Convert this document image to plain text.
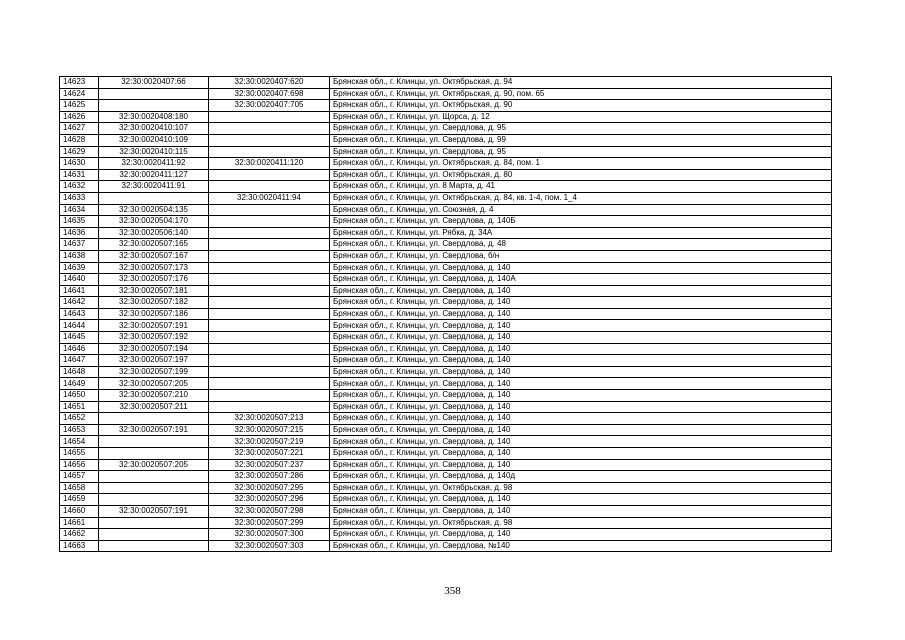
14623	32:30:0020407:66	32:30:0020407:620	Брянская обл., г. Клинцы, ул. Октябрьская, д. 94
14624		32:30:0020407:698	Брянская обл., г. Клинцы, ул. Октябрьская, д. 90, пом. 65
14625		32:30:0020407:705	Брянская обл., г. Клинцы, ул. Октябрьская, д. 90
14626	32:30:0020408:180		Брянская обл., г. Клинцы, ул. Щорса, д. 12
14627	32:30:0020410:107		Брянская обл., г. Клинцы, ул. Свердлова, д. 95
14628	32:30:0020410:109		Брянская обл., г. Клинцы, ул. Свердлова, д. 99
14629	32:30:0020410:115		Брянская обл., г. Клинцы, ул. Свердлова, д. 95
14630	32:30:0020411:92	32:30:0020411:120	Брянская обл., г. Клинцы, ул. Октябрьская, д. 84, пом. 1
14631	32:30:0020411:127		Брянская обл., г. Клинцы, ул. Октябрьская, д. 80
14632	32:30:0020411:91		Брянская обл., г. Клинцы, ул. 8 Марта, д. 41
14633		32:30:0020411:94	Брянская обл., г. Клинцы, ул. Октябрьская, д. 84, кв. 1-4, пом. 1_4
14634	32:30:0020504:135		Брянская обл., г. Клинцы, ул. Союзная, д. 4
14635	32:30:0020504:170		Брянская обл., г. Клинцы, ул. Свердлова, д. 140Б
14636	32:30:0020506:140		Брянская обл., г. Клинцы, ул. Рябка, д. 34А
14637	32:30:0020507:165		Брянская обл., г. Клинцы, ул. Свердлова, д. 48
14638	32:30:0020507:167		Брянская обл., г. Клинцы, ул. Свердлова, б/н
14639	32:30:0020507:173		Брянская обл., г. Клинцы, ул. Свердлова, д. 140
14640	32:30:0020507:176		Брянская обл., г. Клинцы, ул. Свердлова, д. 140А
14641	32:30:0020507:181		Брянская обл., г. Клинцы, ул. Свердлова, д. 140
14642	32:30:0020507:182		Брянская обл., г. Клинцы, ул. Свердлова, д. 140
14643	32:30:0020507:186		Брянская обл., г. Клинцы, ул. Свердлова, д. 140
14644	32:30:0020507:191		Брянская обл., г. Клинцы, ул. Свердлова, д. 140
14645	32:30:0020507:192		Брянская обл., г. Клинцы, ул. Свердлова, д. 140
14646	32:30:0020507:194		Брянская обл., г. Клинцы, ул. Свердлова, д. 140
14647	32:30:0020507:197		Брянская обл., г. Клинцы, ул. Свердлова, д. 140
14648	32:30:0020507:199		Брянская обл., г. Клинцы, ул. Свердлова, д. 140
14649	32:30:0020507:205		Брянская обл., г. Клинцы, ул. Свердлова, д. 140
14650	32:30:0020507:210		Брянская обл., г. Клинцы, ул. Свердлова, д. 140
14651	32:30:0020507:211		Брянская обл., г. Клинцы, ул. Свердлова, д. 140
14652		32:30:0020507:213	Брянская обл., г. Клинцы, ул. Свердлова, д. 140
14653	32:30:0020507:191	32:30:0020507:215	Брянская обл., г. Клинцы, ул. Свердлова, д. 140
14654		32:30:0020507:219	Брянская обл., г. Клинцы, ул. Свердлова, д. 140
14655		32:30:0020507:221	Брянская обл., г. Клинцы, ул. Свердлова, д. 140
14656	32:30:0020507:205	32:30:0020507:237	Брянская обл., г. Клинцы, ул. Свердлова, д. 140
14657		32:30:0020507:286	Брянская обл., г. Клинцы, ул. Свердлова, д. 140д
14658		32:30:0020507:295	Брянская обл., г. Клинцы, ул. Октябрьская, д. 98
14659		32:30:0020507:296	Брянская обл., г. Клинцы, ул. Свердлова, д. 140
14660	32:30:0020507:191	32:30:0020507:298	Брянская обл., г. Клинцы, ул. Свердлова, д. 140
14661		32:30:0020507:299	Брянская обл., г. Клинцы, ул. Октябрьская, д. 98
14662		32:30:0020507:300	Брянская обл., г. Клинцы, ул. Свердлова, д. 140
14663		32:30:0020507:303	Брянская обл., г. Клинцы, ул. Свердлова, №140
358
